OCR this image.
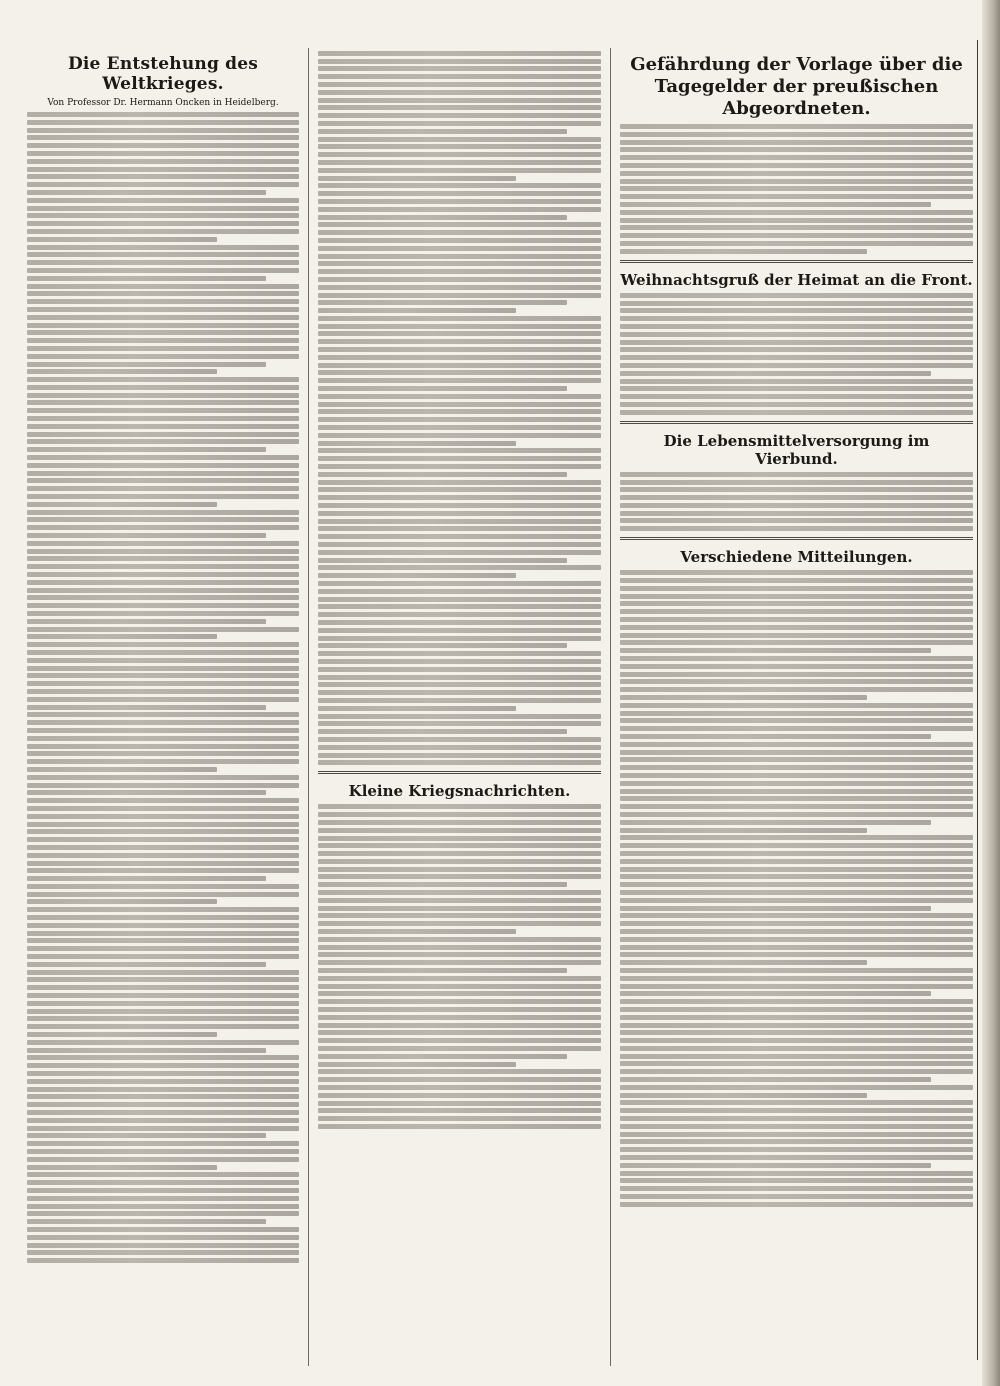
Die Entstehung des Weltkrieges.
Von Professor Dr. Hermann Oncken in Heidelberg.
Kleine Kriegsnachrichten.
Gefährdung der Vorlage über die Tagegelder der preußischen Abgeordneten.
Weihnachtsgruß der Heimat an die Front.
Die Lebensmittelversorgung im Vierbund.
Verschiedene Mitteilungen.
